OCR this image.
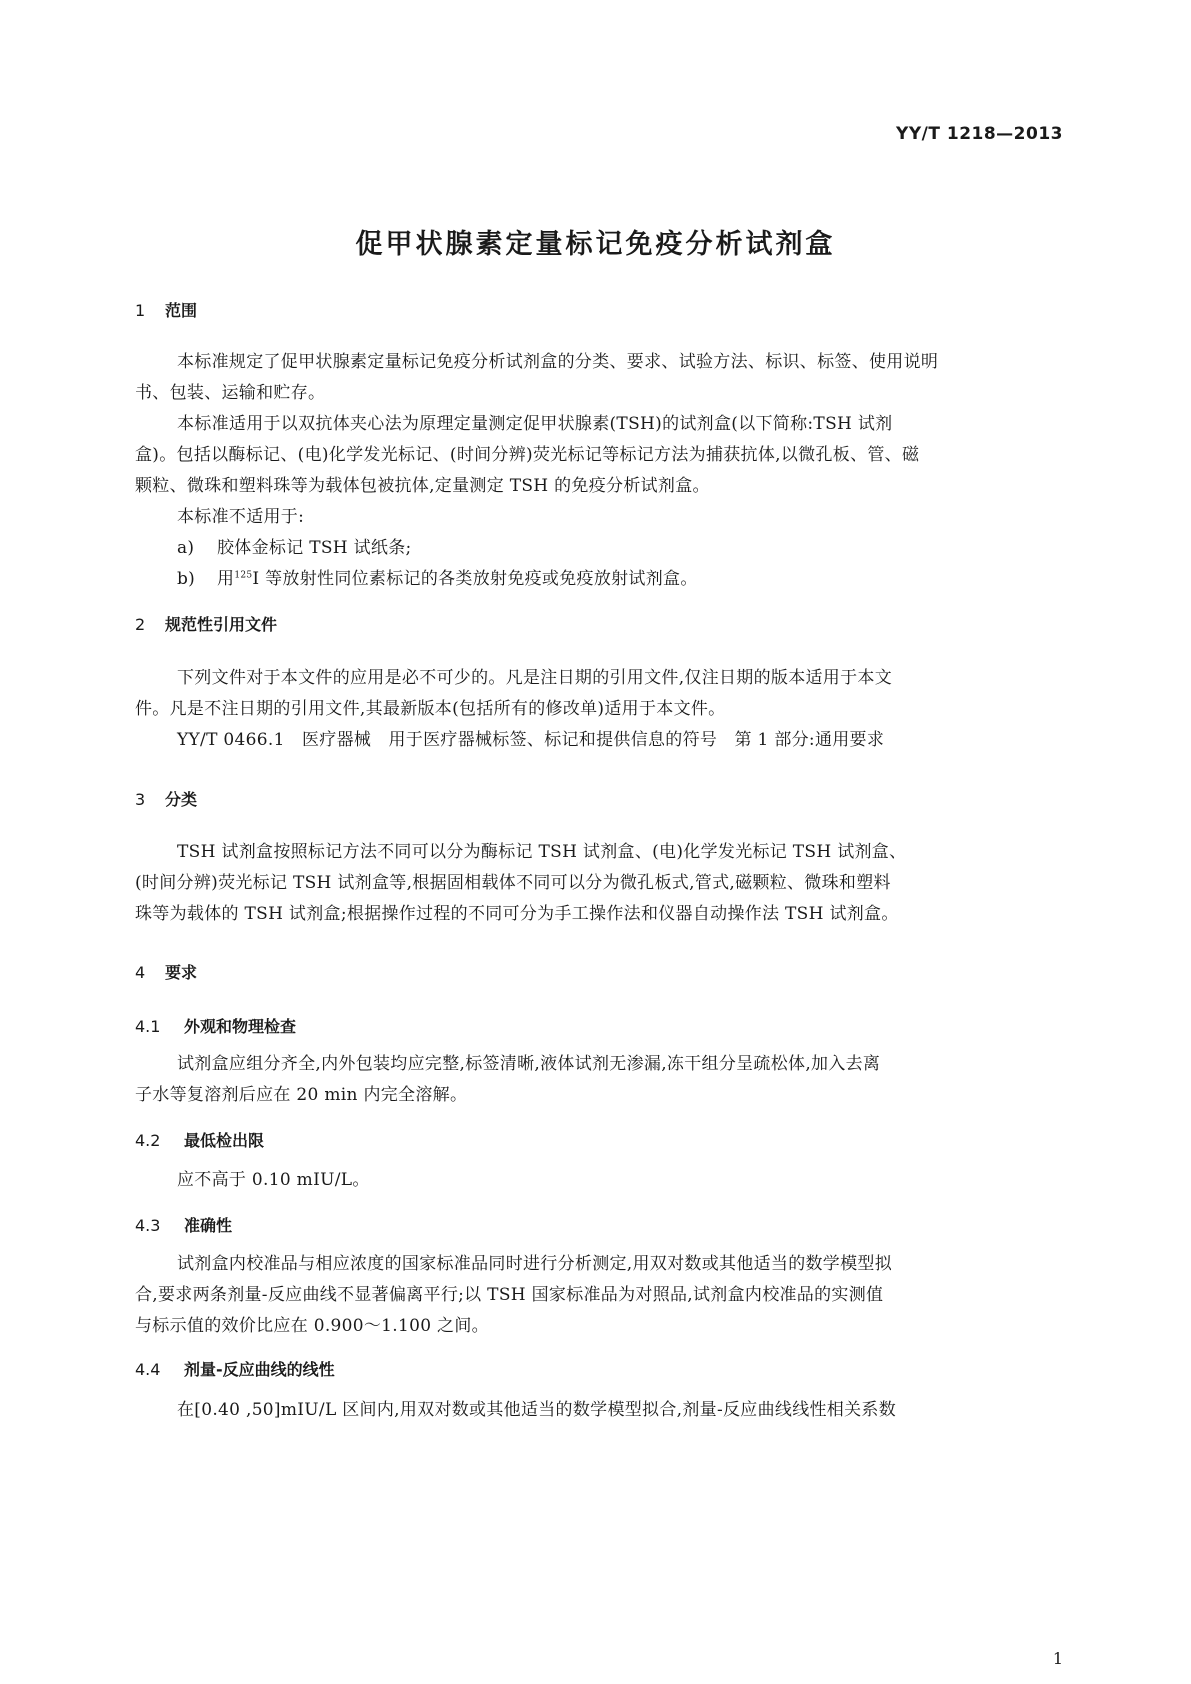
YY/T 1218—2013
促甲状腺素定量标记免疫分析试剂盒
1 范围
本标准规定了促甲状腺素定量标记免疫分析试剂盒的分类、要求、试验方法、标识、标签、使用说明
书、包装、运输和贮存。
本标准适用于以双抗体夹心法为原理定量测定促甲状腺素(TSH)的试剂盒(以下简称:TSH 试剂
盒)。包括以酶标记、(电)化学发光标记、(时间分辨)荧光标记等标记方法为捕获抗体,以微孔板、管、磁
颗粒、微珠和塑料珠等为载体包被抗体,定量测定 TSH 的免疫分析试剂盒。
本标准不适用于:
a) 胶体金标记 TSH 试纸条;
b) 用$^{125}$I 等放射性同位素标记的各类放射免疫或免疫放射试剂盒。
2 规范性引用文件
下列文件对于本文件的应用是必不可少的。凡是注日期的引用文件,仅注日期的版本适用于本文
件。凡是不注日期的引用文件,其最新版本(包括所有的修改单)适用于本文件。
YY/T 0466.1　医疗器械　用于医疗器械标签、标记和提供信息的符号　第 1 部分:通用要求
3 分类
TSH 试剂盒按照标记方法不同可以分为酶标记 TSH 试剂盒、(电)化学发光标记 TSH 试剂盒、
(时间分辨)荧光标记 TSH 试剂盒等,根据固相载体不同可以分为微孔板式,管式,磁颗粒、微珠和塑料
珠等为载体的 TSH 试剂盒;根据操作过程的不同可分为手工操作法和仪器自动操作法 TSH 试剂盒。
4 要求
4.1 外观和物理检查
试剂盒应组分齐全,内外包装均应完整,标签清晰,液体试剂无渗漏,冻干组分呈疏松体,加入去离
子水等复溶剂后应在 20 min 内完全溶解。
4.2 最低检出限
应不高于 0.10 mIU/L。
4.3 准确性
试剂盒内校准品与相应浓度的国家标准品同时进行分析测定,用双对数或其他适当的数学模型拟
合,要求两条剂量-反应曲线不显著偏离平行;以 TSH 国家标准品为对照品,试剂盒内校准品的实测值
与标示值的效价比应在 0.900～1.100 之间。
4.4 剂量-反应曲线的线性
在[0.40 ,50]mIU/L 区间内,用双对数或其他适当的数学模型拟合,剂量-反应曲线线性相关系数
1
